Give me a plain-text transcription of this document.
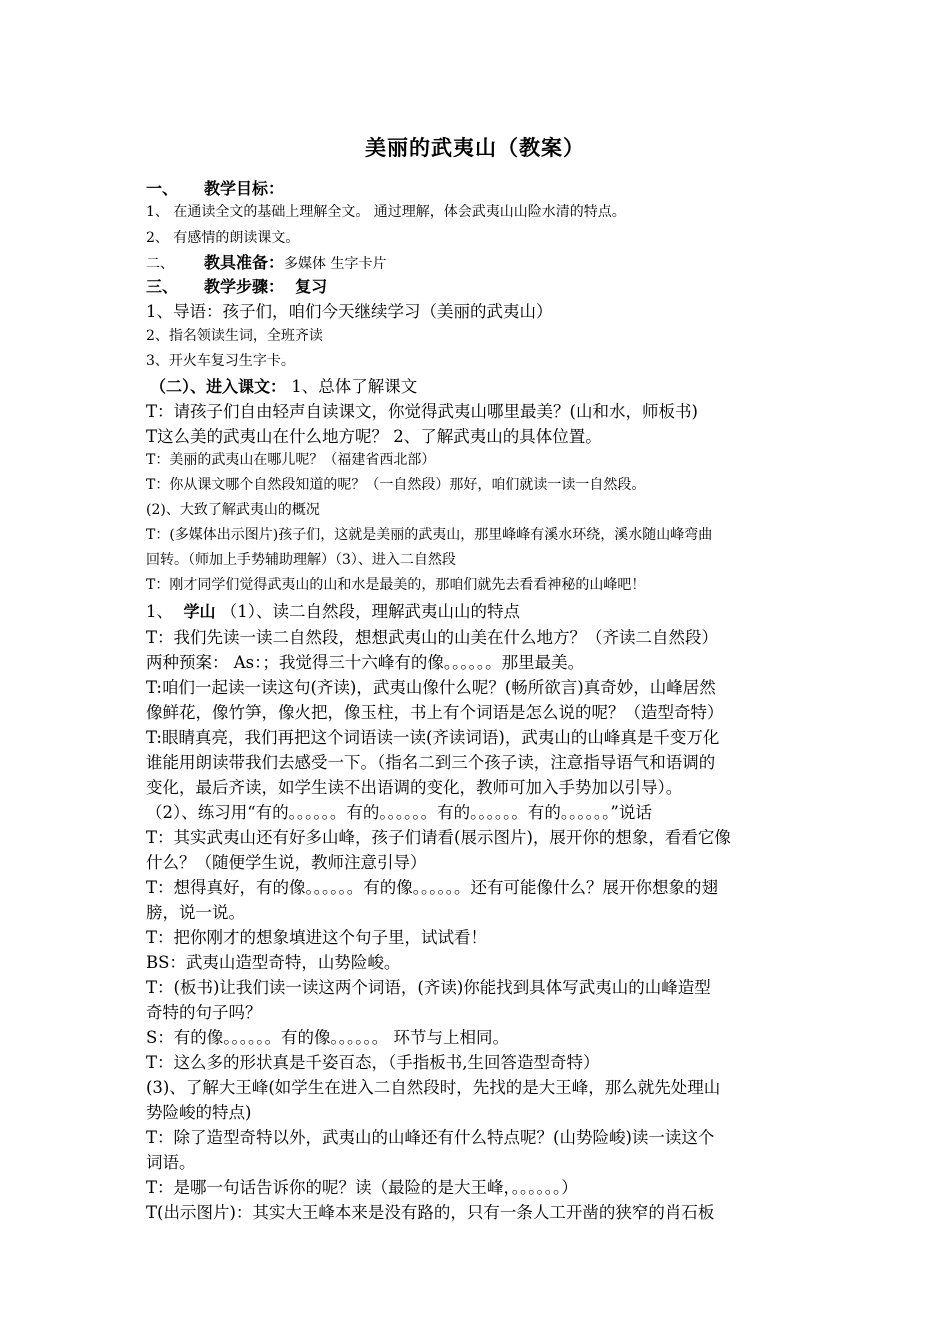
美丽的武夷山（教案）
一、 教学目标：
1、 在通读全文的基础上理解全文。 通过理解，体会武夷山山险水清的特点。
2、 有感情的朗读课文。
二、 教具准备：多媒体 生字卡片
三、 教学步骤： 复习
1、导语：孩子们，咱们今天继续学习（美丽的武夷山）
2、指名领读生词，全班齐读
3、开火车复习生字卡。
（二）、进入课文： 1、总体了解课文
T：请孩子们自由轻声自读课文，你觉得武夷山哪里最美？(山和水，师板书)
T这么美的武夷山在什么地方呢？ 2、了解武夷山的具体位置。
T：美丽的武夷山在哪儿呢？（福建省西北部）
T：你从课文哪个自然段知道的呢？（一自然段）那好，咱们就读一读一自然段。
(2)、大致了解武夷山的概况
T：(多媒体出示图片)孩子们，这就是美丽的武夷山，那里峰峰有溪水环绕，溪水随山峰弯曲
回转。（师加上手势辅助理解）（3）、进入二自然段
T：刚才同学们觉得武夷山的山和水是最美的，那咱们就先去看看神秘的山峰吧！
1、 学山 （1）、读二自然段，理解武夷山山的特点
T：我们先读一读二自然段，想想武夷山的山美在什么地方？（齐读二自然段）
两种预案： As：；我觉得三十六峰有的像。。。。。。那里最美。
T:咱们一起读一读这句(齐读)，武夷山像什么呢？(畅所欲言)真奇妙，山峰居然
像鲜花，像竹笋，像火把，像玉柱，书上有个词语是怎么说的呢？（造型奇特）
T:眼睛真亮，我们再把这个词语读一读(齐读词语)，武夷山的山峰真是千变万化
谁能用朗读带我们去感受一下。（指名二到三个孩子读，注意指导语气和语调的
变化，最后齐读，如学生读不出语调的变化，教师可加入手势加以引导）。
（2）、练习用“有的。。。。。。有的。。。。。。有的。。。。。。有的。。。。。。”说话
T：其实武夷山还有好多山峰，孩子们请看(展示图片)，展开你的想象，看看它像
什么？（随便学生说，教师注意引导）
T：想得真好，有的像。。。。。。有的像。。。。。。还有可能像什么？展开你想象的翅
膀，说一说。
T：把你刚才的想象填进这个句子里，试试看！
BS：武夷山造型奇特，山势险峻。
T：(板书)让我们读一读这两个词语，(齐读)你能找到具体写武夷山的山峰造型
奇特的句子吗？
S：有的像。。。。。。有的像。。。。。。 环节与上相同。
T：这么多的形状真是千姿百态，（手指板书,生回答造型奇特）
(3)、了解大王峰(如学生在进入二自然段时，先找的是大王峰，那么就先处理山
势险峻的特点)
T：除了造型奇特以外，武夷山的山峰还有什么特点呢？(山势险峻)读一读这个
词语。
T：是哪一句话告诉你的呢？读（最险的是大王峰，。。。。。。）
T(出示图片)：其实大王峰本来是没有路的，只有一条人工开凿的狭窄的肖石板
